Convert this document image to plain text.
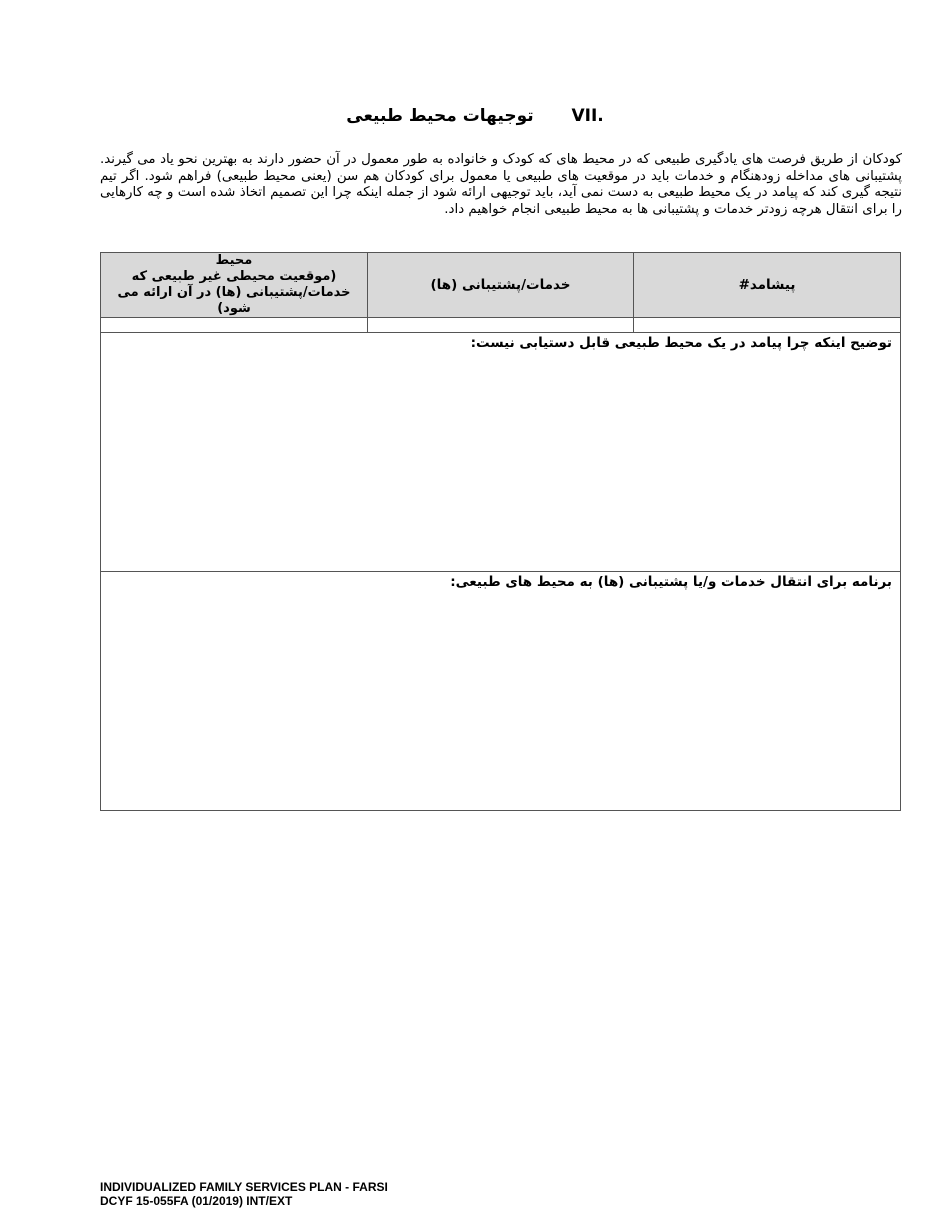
توجیهات محیط طبیعی VII.
کودکان از طریق فرصت های یادگیری طبیعی که در محیط های که کودک و خانواده به طور معمول در آن حضور دارند به بهترین نحو یاد می گیرند. پشتیبانی های مداخله زودهنگام و خدمات باید در موقعیت های طبیعی یا معمول برای کودکان هم سن (یعنی محیط طبیعی) فراهم شود. اگر تیم نتیجه گیری کند که پیامد در یک محیط طبیعی به دست نمی آید، باید توجیهی ارائه شود از جمله اینکه چرا این تصمیم اتخاذ شده است و چه کارهایی را برای انتقال هرچه زودتر خدمات و پشتیبانی ها به محیط طبیعی انجام خواهیم داد.
پیشامد#	خدمات/پشتیبانی (ها)	محیط
(موقعیت محیطی غیر طبیعی که
خدمات/پشتیبانی (ها) در آن ارائه می شود)

توضیح اینکه چرا پیامد در یک محیط طبیعی قابل دستیابی نیست:		
برنامه برای انتقال خدمات و/یا پشتیبانی (ها) به محیط های طبیعی:		
INDIVIDUALIZED FAMILY SERVICES PLAN - FARSI
DCYF 15-055FA (01/2019) INT/EXT
